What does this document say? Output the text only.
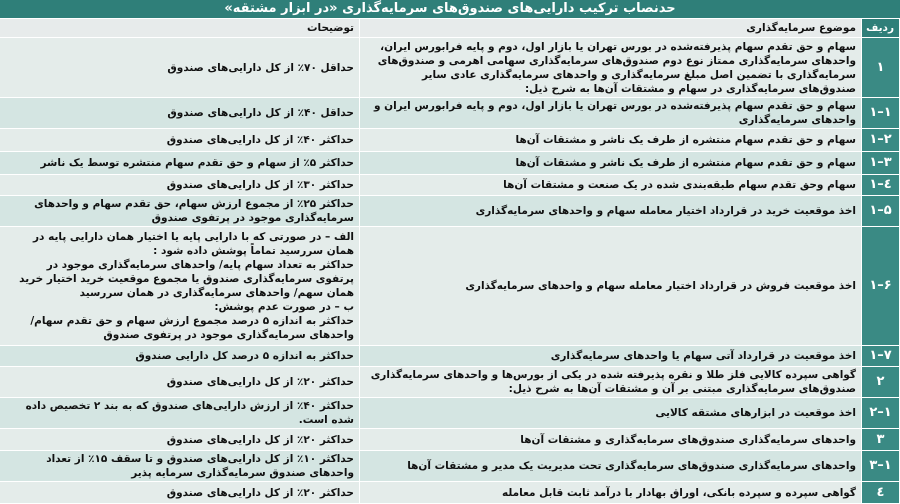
حدنصاب ترکیب دارایی‌های صندوق‌های سرمایه‌گذاری «در ابزار مشتقه»
ردیف	موضوع سرمایه‌گذاری	توضیحات
۱	سهام و حق تقدم سهام پذیرفته‌شده در بورس تهران یا بازار اول، دوم و پایه فرابورس ایران، واحدهای سرمایه‌گذاری ممتاز نوع دوم صندوق‌های سرمایه‌گذاری سهامی اهرمی و صندوق‌های سرمایه‌گذاری با تضمین اصل مبلغ سرمایه‌گذاری و واحدهای سرمایه‌گذاری عادی سایر صندوق‌های سرمایه‌گذاری در سهام و مشتقات آن‌ها به شرح ذیل:	حداقل ۷۰٪ از کل دارایی‌های صندوق
۱–۱	سهام و حق تقدم سهام پذیرفته‌شده در بورس تهران یا بازار اول، دوم و پایه فرابورس ایران و واحدهای سرمایه‌گذاری	حداقل ۴۰٪ از کل دارایی‌های صندوق
۱–۲	سهام و حق تقدم سهام منتشره از طرف یک ناشر و مشتقات آن‌ها	حداکثر ۴۰٪ از کل دارایی‌های صندوق
۱–۳	سهام و حق تقدم سهام منتشره از طرف یک ناشر و مشتقات آن‌ها	حداکثر ۵٪ از سهام و حق تقدم سهام منتشره توسط یک ناشر
۱–٤	سهام وحق تقدم سهام طبقه‌بندی شده در یک صنعت و مشتقات آن‌ها	حداکثر ۳۰٪ از کل دارایی‌های صندوق
۱–۵	اخذ موقعیت خرید در قرارداد اختیار معامله سهام و واحدهای سرمایه‌گذاری	حداکثر ۲۵٪ از مجموع ارزش سهام، حق تقدم سهام و واحدهای سرمایه‌گذاری موجود در پرتفوی صندوق
۱–۶	اخذ موقعیت فروش در قرارداد اختیار معامله سهام و واحدهای سرمایه‌گذاری	الف – در صورتی که با دارایی پایه یا اختیار همان دارایی پایه در همان سررسید تماماً پوشش داده شود :
حداکثر به تعداد سهام پایه/ واحدهای سرمایه‌گذاری موجود در پرتفوی سرمایه‌گذاری صندوق یا مجموع موقعیت خرید اختیار خرید همان سهم/ واحدهای سرمایه‌گذاری در همان سررسید
ب – در صورت عدم پوشش:
حداکثر به اندازه ۵ درصد مجموع ارزش سهام و حق تقدم سهام/ واحدهای سرمایه‌گذاری موجود در پرتفوی صندوق
۱–۷	اخذ موقعیت در قرارداد آتی سهام یا واحدهای سرمایه‌گذاری	حداکثر به اندازه ۵ درصد کل دارایی صندوق
۲	گواهی سپرده کالایی فلز طلا و نقره پذیرفته شده در یکی از بورس‌ها و واحدهای سرمایه‌گذاری صندوق‌های سرمایه‌گذاری مبتنی بر آن و مشتقات آن‌ها به شرح ذیل:	حداکثر ۲۰٪ از کل دارایی‌های صندوق
۲–۱	اخذ موقعیت در ابزارهای مشتقه کالایی	حداکثر ۴۰٪ از ارزش دارایی‌های صندوق که به بند ۲ تخصیص داده شده است.
۳	واحدهای سرمایه‌گذاری صندوق‌های سرمایه‌گذاری و مشتقات آن‌ها	حداکثر ۲۰٪ از کل دارایی‌های صندوق
۳–۱	واحدهای سرمایه‌گذاری صندوق‌های سرمایه‌گذاری تحت مدیریت یک مدیر و مشتقات آن‌ها	حداکثر ۱۰٪ از کل دارایی‌های صندوق و تا سقف ۱۵٪ از تعداد واحدهای صندوق سرمایه‌گذاری سرمایه پذیر
٤	گواهی سپرده و سپرده بانکی، اوراق بهادار با درآمد ثابت قابل معامله	حداکثر ۲۰٪ از کل دارایی‌های صندوق
